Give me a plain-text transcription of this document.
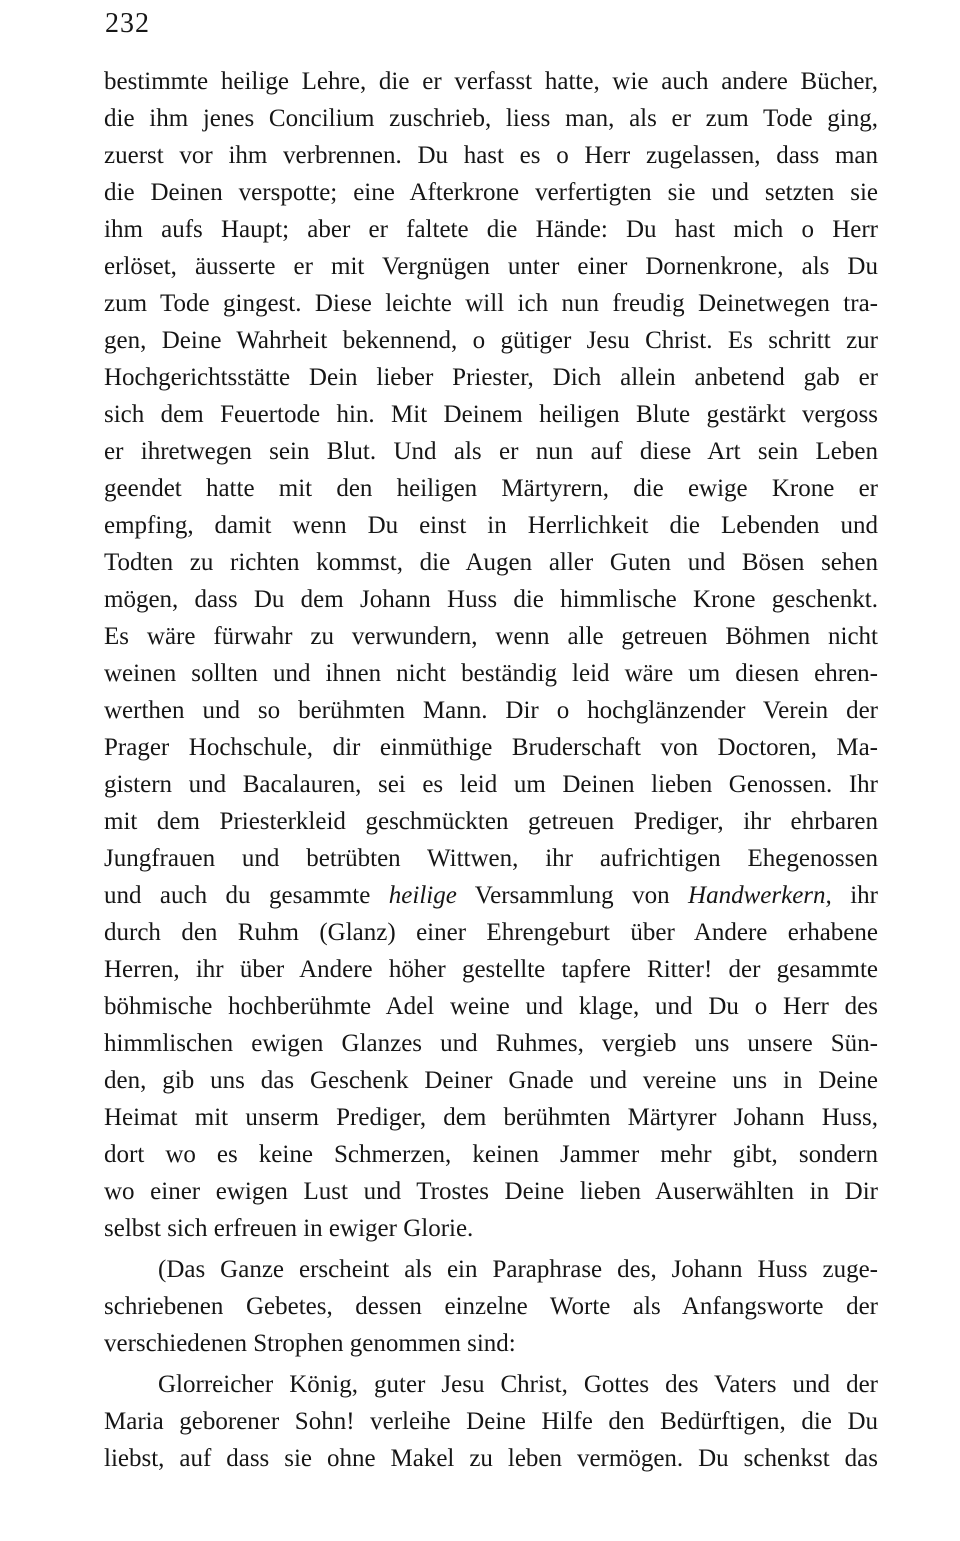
232
bestimmte heilige Lehre, die er verfasst hatte, wie auch andere Bücher,
die ihm jenes Concilium zuschrieb, liess man, als er zum Tode ging,
zuerst vor ihm verbrennen. Du hast es o Herr zugelassen, dass man
die Deinen verspotte; eine Afterkrone verfertigten sie und setzten sie
ihm aufs Haupt; aber er faltete die Hände: Du hast mich o Herr
erlöset, äusserte er mit Vergnügen unter einer Dornenkrone, als Du
zum Tode gingest. Diese leichte will ich nun freudig Deinetwegen tra-
gen, Deine Wahrheit bekennend, o gütiger Jesu Christ. Es schritt zur
Hochgerichtsstätte Dein lieber Priester, Dich allein anbetend gab er
sich dem Feuertode hin. Mit Deinem heiligen Blute gestärkt vergoss
er ihretwegen sein Blut. Und als er nun auf diese Art sein Leben
geendet hatte mit den heiligen Märtyrern, die ewige Krone er
empfing, damit wenn Du einst in Herrlichkeit die Lebenden und
Todten zu richten kommst, die Augen aller Guten und Bösen sehen
mögen, dass Du dem Johann Huss die himmlische Krone geschenkt.
Es wäre fürwahr zu verwundern, wenn alle getreuen Böhmen nicht
weinen sollten und ihnen nicht beständig leid wäre um diesen ehren-
werthen und so berühmten Mann. Dir o hochglänzender Verein der
Prager Hochschule, dir einmüthige Bruderschaft von Doctoren, Ma-
gistern und Bacalauren, sei es leid um Deinen lieben Genossen. Ihr
mit dem Priesterkleid geschmückten getreuen Prediger, ihr ehrbaren
Jungfrauen und betrübten Wittwen, ihr aufrichtigen Ehegenossen
und auch du gesammte heilige Versammlung von Handwerkern, ihr
durch den Ruhm (Glanz) einer Ehrengeburt über Andere erhabene
Herren, ihr über Andere höher gestellte tapfere Ritter! der gesammte
böhmische hochberühmte Adel weine und klage, und Du o Herr des
himmlischen ewigen Glanzes und Ruhmes, vergieb uns unsere Sün-
den, gib uns das Geschenk Deiner Gnade und vereine uns in Deine
Heimat mit unserm Prediger, dem berühmten Märtyrer Johann Huss,
dort wo es keine Schmerzen, keinen Jammer mehr gibt, sondern
wo einer ewigen Lust und Trostes Deine lieben Auserwählten in Dir
selbst sich erfreuen in ewiger Glorie.
(Das Ganze erscheint als ein Paraphrase des, Johann Huss zuge-
schriebenen Gebetes, dessen einzelne Worte als Anfangsworte der
verschiedenen Strophen genommen sind:
Glorreicher König, guter Jesu Christ, Gottes des Vaters und der
Maria geborener Sohn! verleihe Deine Hilfe den Bedürftigen, die Du
liebst, auf dass sie ohne Makel zu leben vermögen. Du schenkst das
